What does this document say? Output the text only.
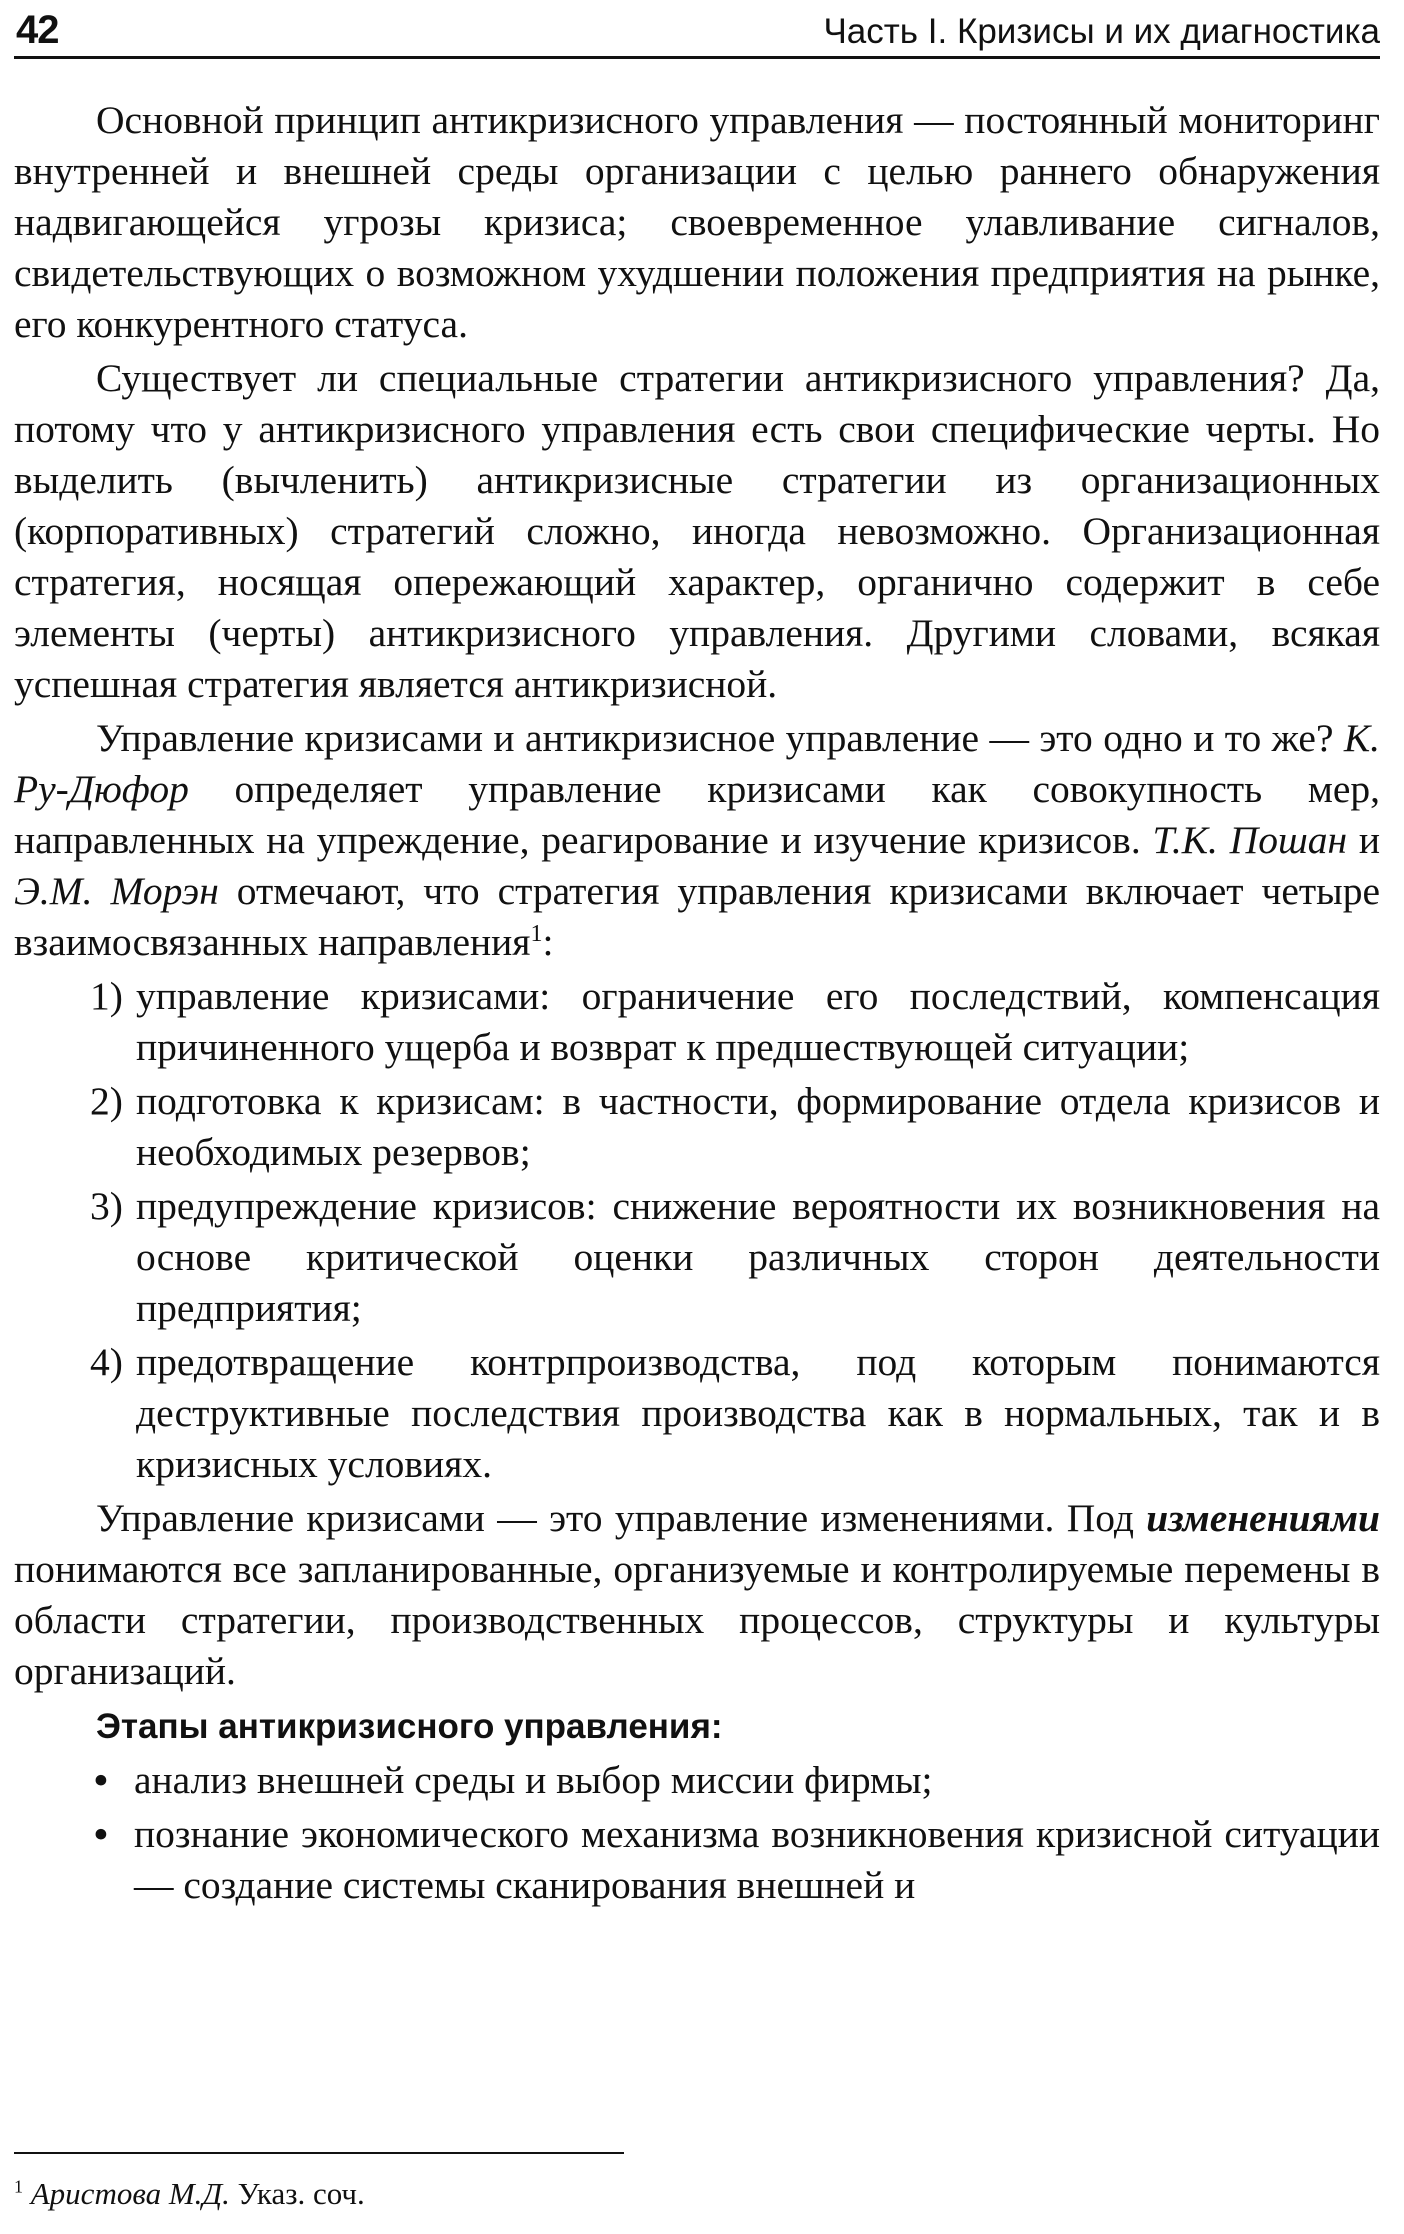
42	Часть I. Кризисы и их диагностика

Основной принцип антикризисного управления — постоянный мониторинг внутренней и внешней среды организации с целью раннего обнаружения надвигающейся угрозы кризиса; своевременное улавливание сигналов, свидетельствующих о возможном ухудшении положения предприятия на рынке, его конкурентного статуса.

Существует ли специальные стратегии антикризисного управления? Да, потому что у антикризисного управления есть свои специфические черты. Но выделить (вычленить) антикризисные стратегии из организационных (корпоративных) стратегий сложно, иногда невозможно. Организационная стратегия, носящая опережающий характер, органично содержит в себе элементы (черты) антикризисного управления. Другими словами, всякая успешная стратегия является антикризисной.

Управление кризисами и антикризисное управление — это одно и то же? К. Ру-Дюфор определяет управление кризисами как совокупность мер, направленных на упреждение, реагирование и изучение кризисов. Т.К. Пошан и Э.М. Морэн отмечают, что стратегия управления кризисами включает четыре взаимосвязанных направления$^1$:

1) управление кризисами: ограничение его последствий, компенсация причиненного ущерба и возврат к предшествующей ситуации;
2) подготовка к кризисам: в частности, формирование отдела кризисов и необходимых резервов;
3) предупреждение кризисов: снижение вероятности их возникновения на основе критической оценки различных сторон деятельности предприятия;
4) предотвращение контрпроизводства, под которым понимаются деструктивные последствия производства как в нормальных, так и в кризисных условиях.

Управление кризисами — это управление изменениями. Под изменениями понимаются все запланированные, организуемые и контролируемые перемены в области стратегии, производственных процессов, структуры и культуры организаций.

Этапы антикризисного управления:

• анализ внешней среды и выбор миссии фирмы;
• познание экономического механизма возникновения кризисной ситуации — создание системы сканирования внешней и
$^1$ Аристова М.Д. Указ. соч.
